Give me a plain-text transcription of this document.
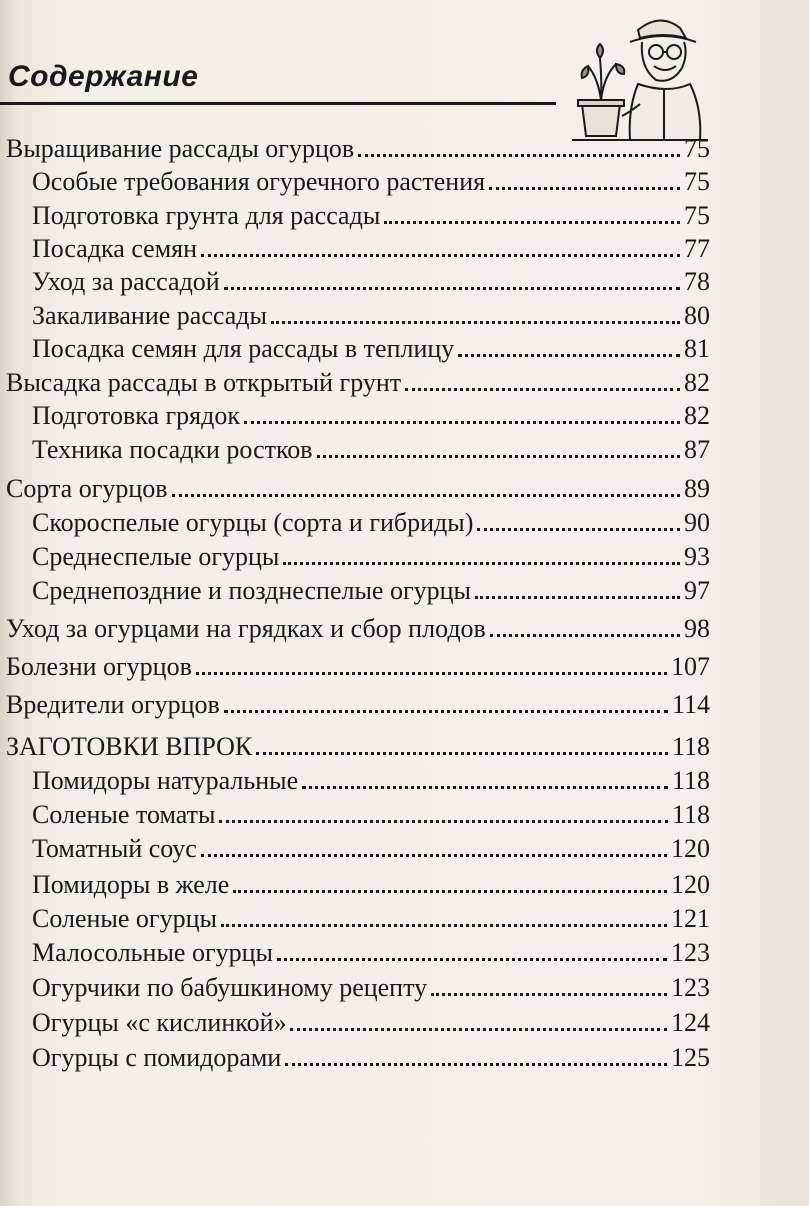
Содержание
Выращивание рассады огурцов	75
Особые требования огуречного растения	75
Подготовка грунта для рассады	75
Посадка семян	77
Уход за рассадой	78
Закаливание рассады	80
Посадка семян для рассады в теплицу	81
Высадка рассады в открытый грунт	82
Подготовка грядок	82
Техника посадки ростков	87
Сорта огурцов	89
Скороспелые огурцы (сорта и гибриды)	90
Среднеспелые огурцы	93
Среднепоздние и позднеспелые огурцы	97
Уход за огурцами на грядках и сбор плодов	98
Болезни огурцов	107
Вредители огурцов	114
ЗАГОТОВКИ ВПРОК	118
Помидоры натуральные	118
Соленые томаты	118
Томатный соус	120
Помидоры в желе	120
Соленые огурцы	121
Малосольные огурцы	123
Огурчики по бабушкиному рецепту	123
Огурцы «с кислинкой»	124
Огурцы с помидорами	125
